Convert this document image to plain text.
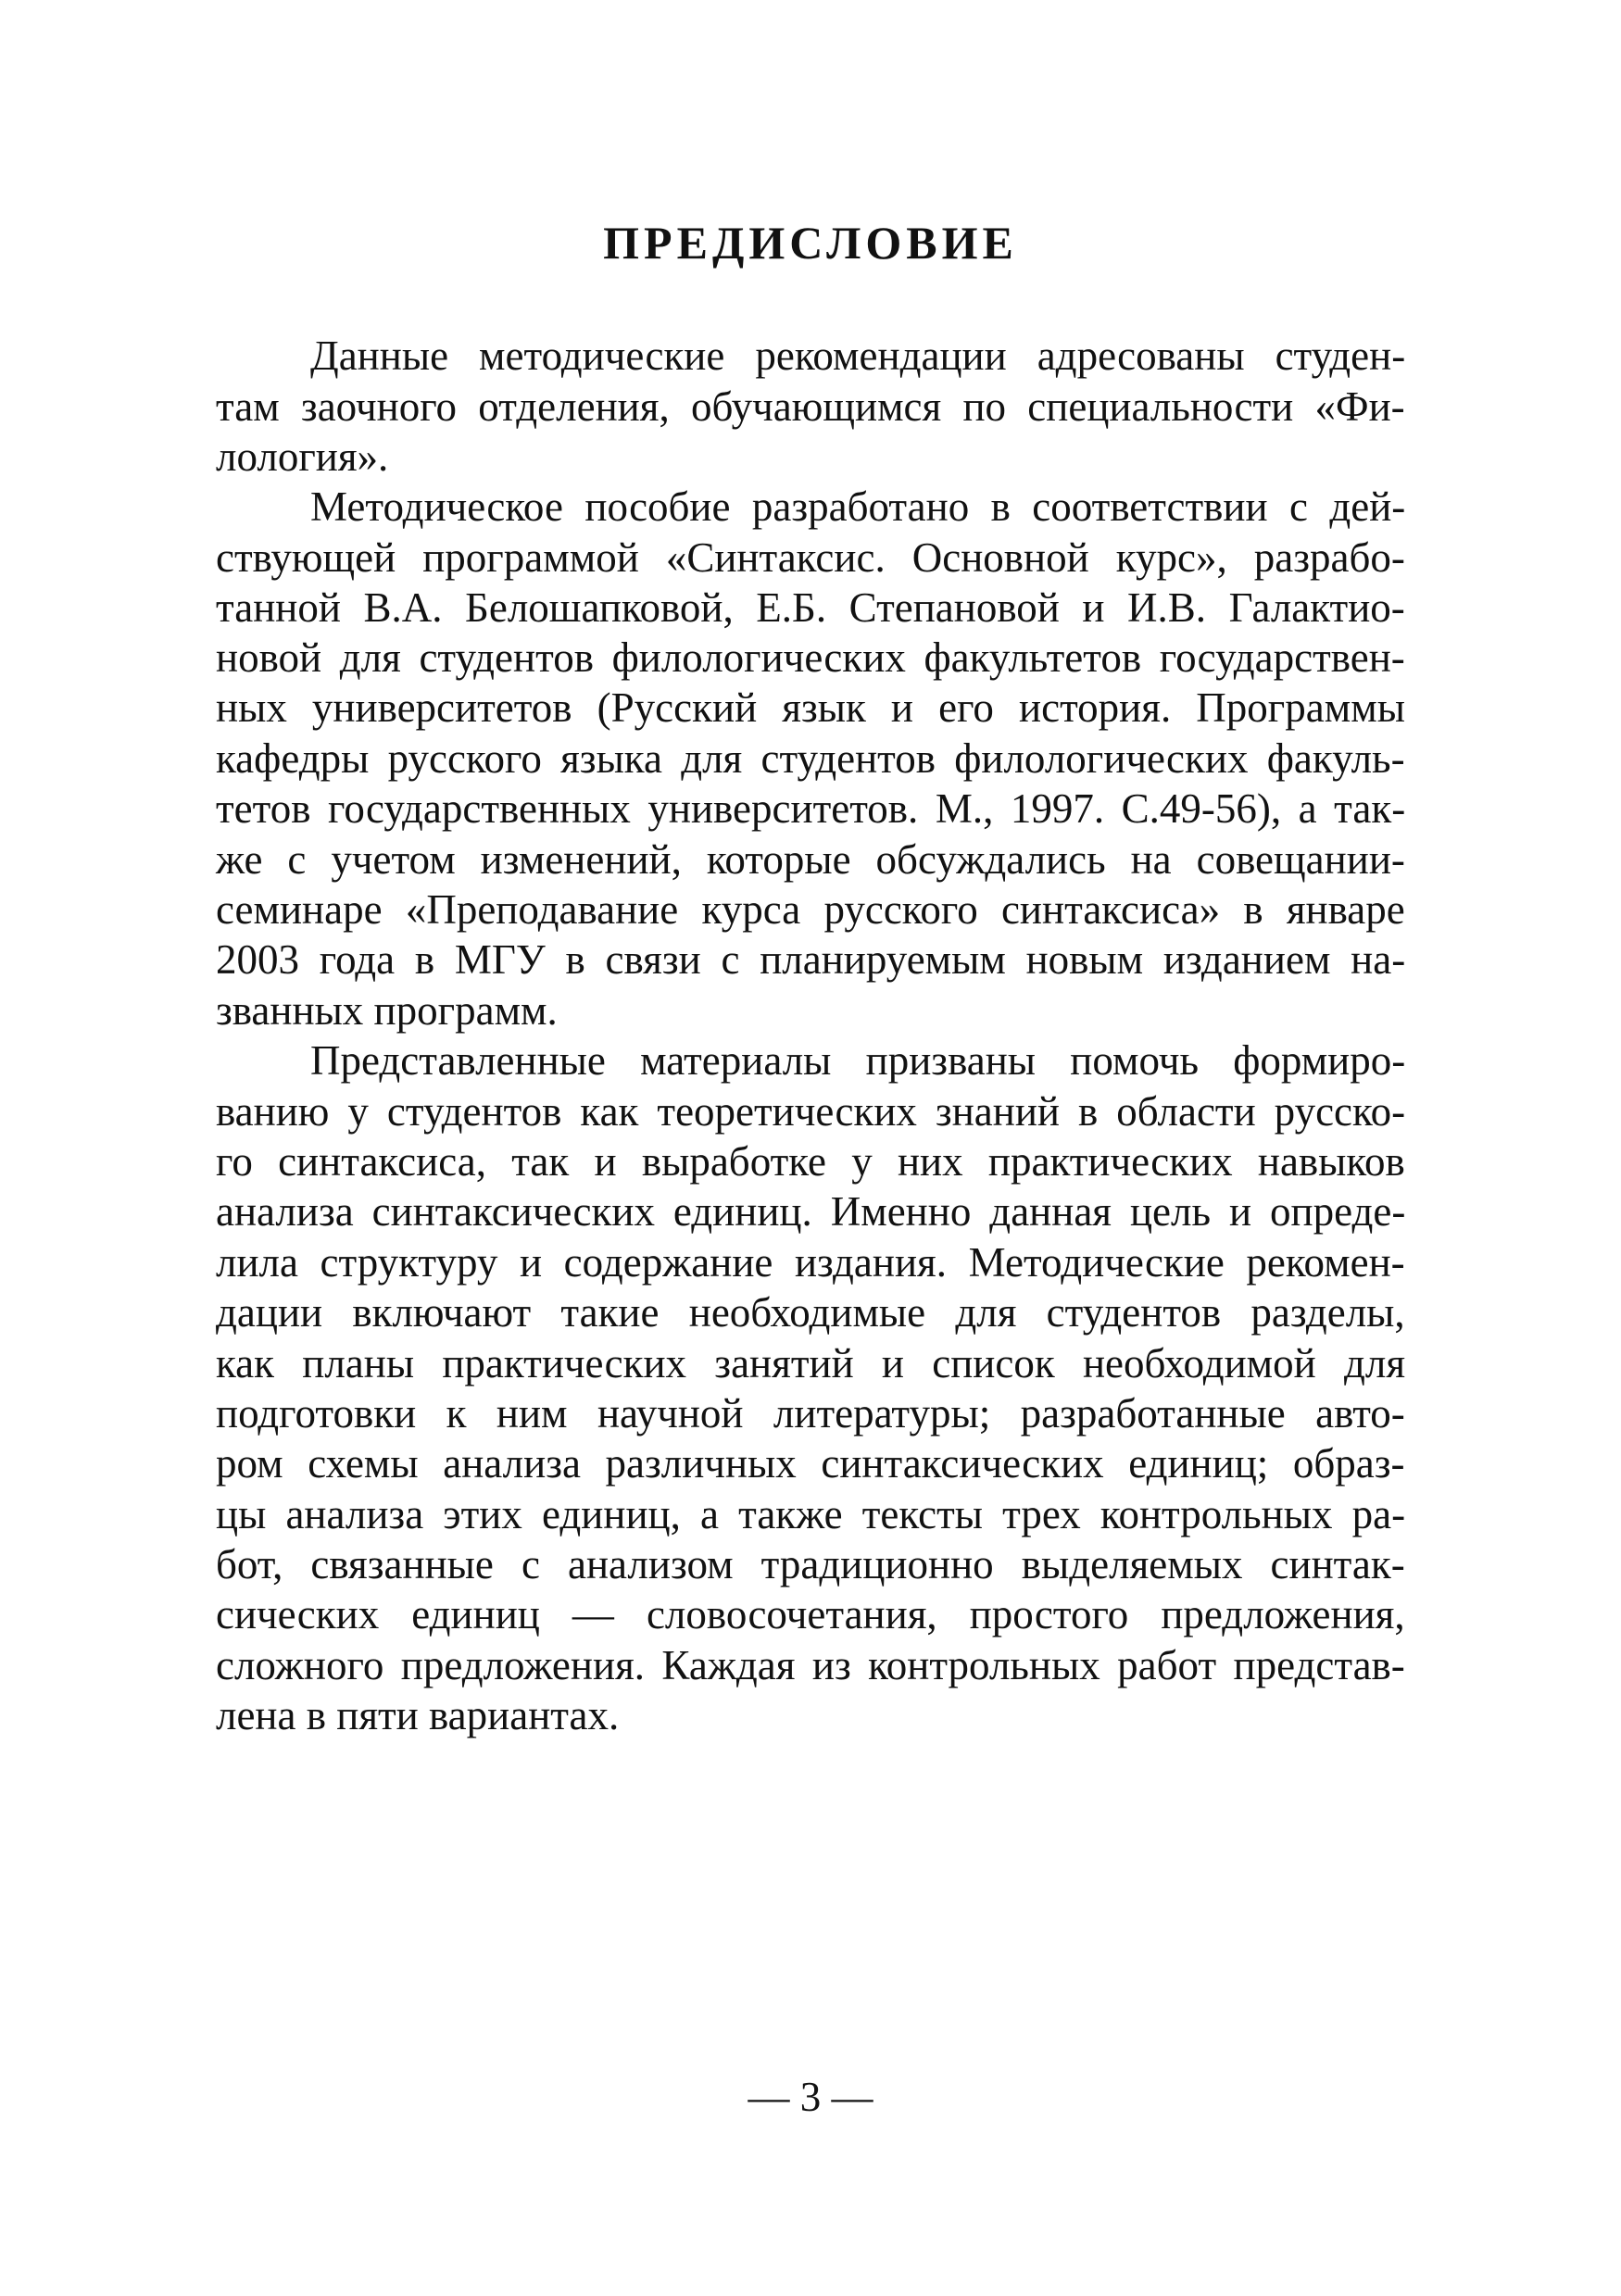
ПРЕДИСЛОВИЕ
Данные методические рекомендации адресованы студен-
там заочного отделения, обучающимся по специальности «Фи-
лология».
Методическое пособие разработано в соответствии с дей-
ствующей программой «Синтаксис. Основной курс», разрабо-
танной В.А. Белошапковой, Е.Б. Степановой и И.В. Галактио-
новой для студентов филологических факультетов государствен-
ных университетов (Русский язык и его история. Программы
кафедры русского языка для студентов филологических факуль-
тетов государственных университетов. М., 1997. С.49-56), а так-
же с учетом изменений, которые обсуждались на совещании-
семинаре «Преподавание курса русского синтаксиса» в январе
2003 года в МГУ в связи с планируемым новым изданием на-
званных программ.
Представленные материалы призваны помочь формиро-
ванию у студентов как теоретических знаний в области русско-
го синтаксиса, так и выработке у них практических навыков
анализа синтаксических единиц. Именно данная цель и опреде-
лила структуру и содержание издания. Методические рекомен-
дации включают такие необходимые для студентов разделы,
как планы практических занятий и список необходимой для
подготовки к ним научной литературы; разработанные авто-
ром схемы анализа различных синтаксических единиц; образ-
цы анализа этих единиц, а также тексты трех контрольных ра-
бот, связанные с анализом традиционно выделяемых синтак-
сических единиц — словосочетания, простого предложения,
сложного предложения. Каждая из контрольных работ представ-
лена в пяти вариантах.
— 3 —
